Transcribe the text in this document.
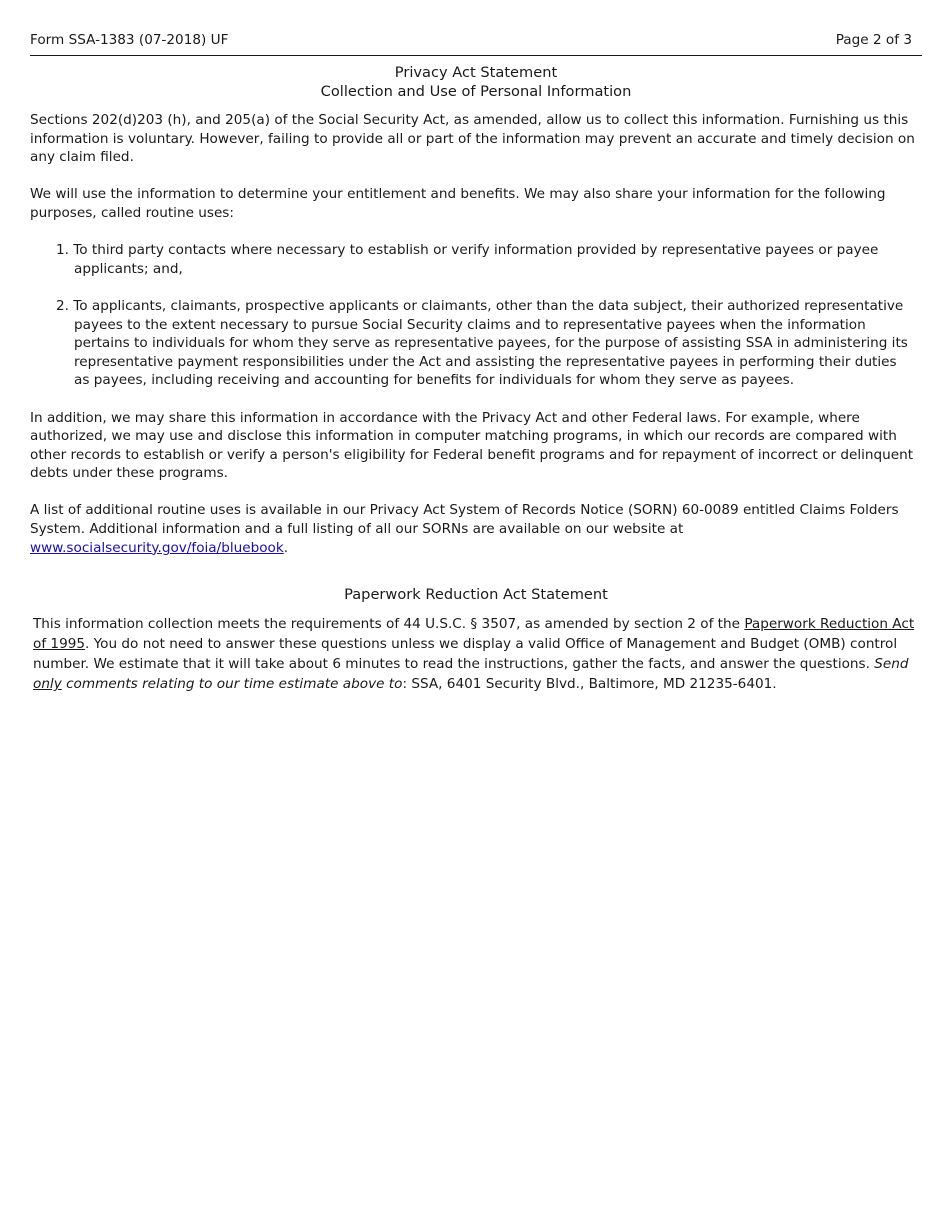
Form SSA-1383 (07-2018) UF	Page 2 of 3
Privacy Act Statement
Collection and Use of Personal Information

Sections 202(d)203 (h), and 205(a) of the Social Security Act, as amended, allow us to collect this information. Furnishing us this information is voluntary. However, failing to provide all or part of the information may prevent an accurate and timely decision on any claim filed.

We will use the information to determine your entitlement and benefits. We may also share your information for the following purposes, called routine uses:

1. To third party contacts where necessary to establish or verify information provided by representative payees or payee applicants; and,
2. To applicants, claimants, prospective applicants or claimants, other than the data subject, their authorized representative payees to the extent necessary to pursue Social Security claims and to representative payees when the information pertains to individuals for whom they serve as representative payees, for the purpose of assisting SSA in administering its representative payment responsibilities under the Act and assisting the representative payees in performing their duties as payees, including receiving and accounting for benefits for individuals for whom they serve as payees.

In addition, we may share this information in accordance with the Privacy Act and other Federal laws. For example, where authorized, we may use and disclose this information in computer matching programs, in which our records are compared with other records to establish or verify a person's eligibility for Federal benefit programs and for repayment of incorrect or delinquent debts under these programs.

A list of additional routine uses is available in our Privacy Act System of Records Notice (SORN) 60-0089 entitled Claims Folders System. Additional information and a full listing of all our SORNs are available on our website at
www.socialsecurity.gov/foia/bluebook.

Paperwork Reduction Act Statement
This information collection meets the requirements of 44 U.S.C. § 3507, as amended by section 2 of the Paperwork Reduction Act of 1995. You do not need to answer these questions unless we display a valid Office of Management and Budget (OMB) control number. We estimate that it will take about 6 minutes to read the instructions, gather the facts, and answer the questions. Send only comments relating to our time estimate above to: SSA, 6401 Security Blvd., Baltimore, MD 21235-6401.
